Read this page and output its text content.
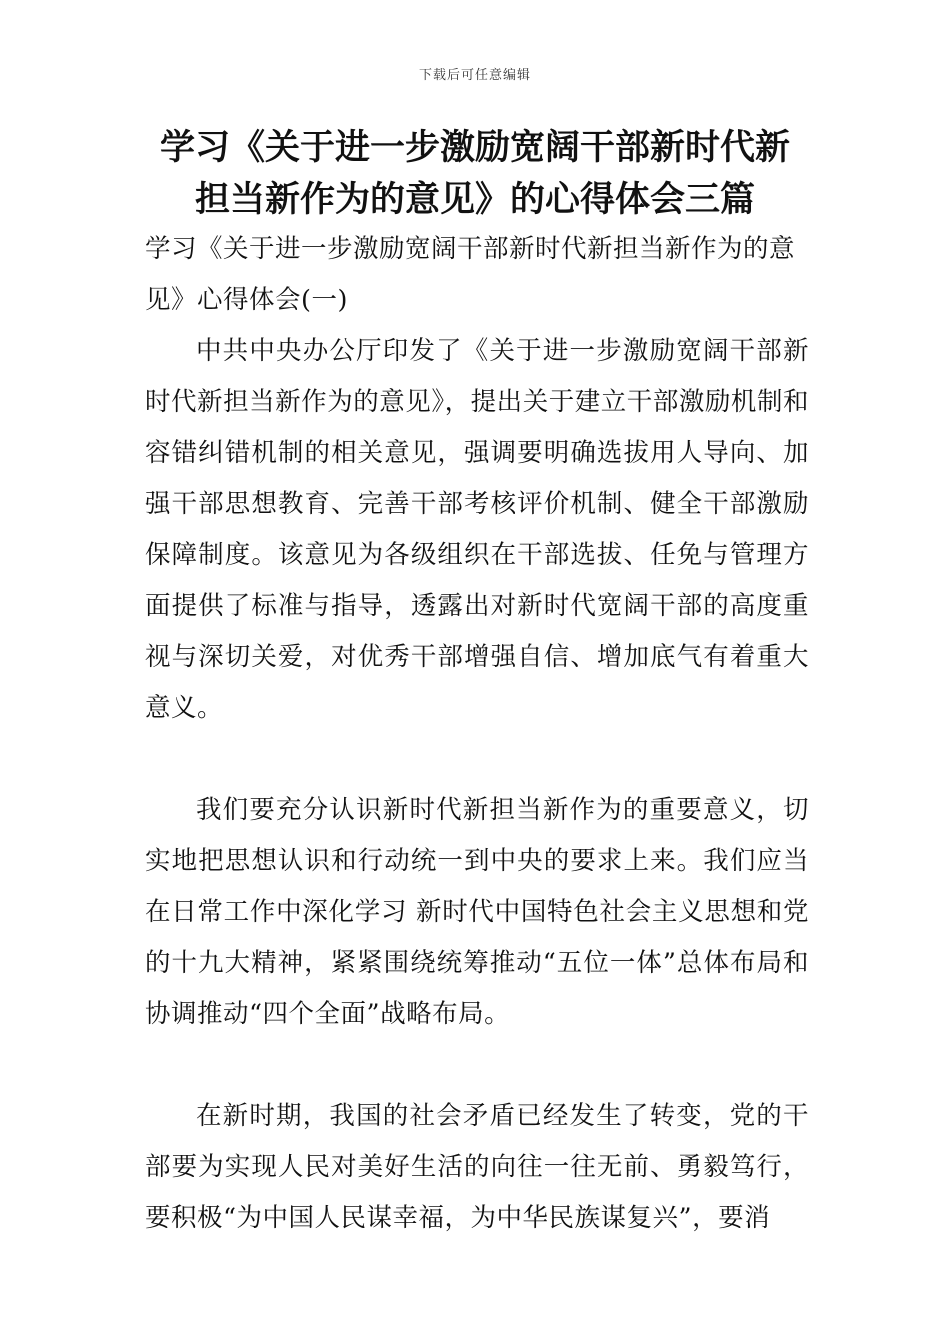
下载后可任意编辑
学习《关于进一步激励宽阔干部新时代新
担当新作为的意见》的心得体会三篇

学习《关于进一步激励宽阔干部新时代新担当新作为的意见》心得体会(一)

中共中央办公厅印发了《关于进一步激励宽阔干部新时代新担当新作为的意见》，提出关于建立干部激励机制和容错纠错机制的相关意见，强调要明确选拔用人导向、加强干部思想教育、完善干部考核评价机制、健全干部激励保障制度。该意见为各级组织在干部选拔、任免与管理方面提供了标准与指导，透露出对新时代宽阔干部的高度重视与深切关爱，对优秀干部增强自信、增加底气有着重大意义。

我们要充分认识新时代新担当新作为的重要意义，切实地把思想认识和行动统一到中央的要求上来。我们应当在日常工作中深化学习 新时代中国特色社会主义思想和党的十九大精神，紧紧围绕统筹推动“五位一体”总体布局和协调推动“四个全面”战略布局。

在新时期，我国的社会矛盾已经发生了转变，党的干部要为实现人民对美好生活的向往一往无前、勇毅笃行，要积极“为中国人民谋幸福，为中华民族谋复兴”，要消
